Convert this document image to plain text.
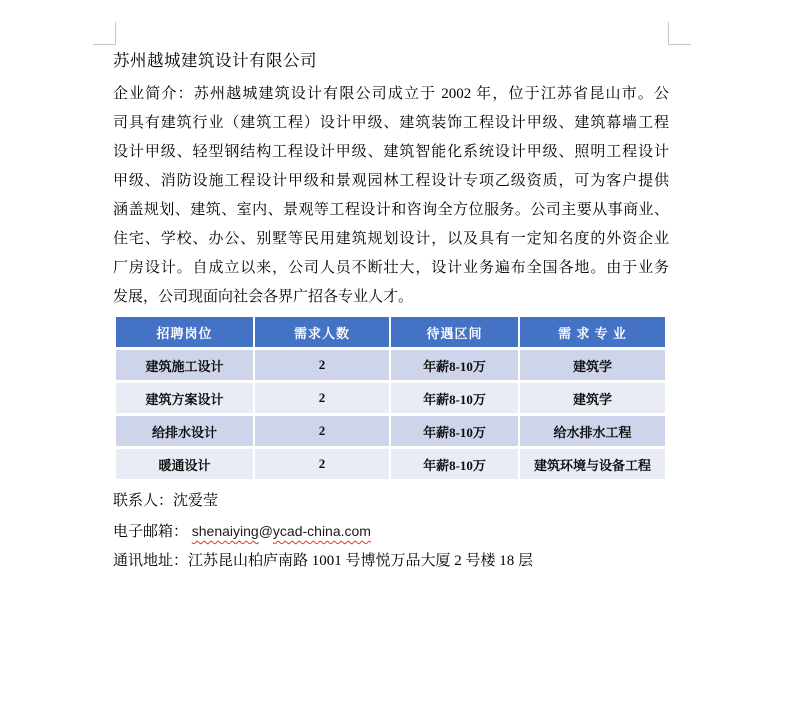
苏州越城建筑设计有限公司
企业简介：苏州越城建筑设计有限公司成立于 2002 年，位于江苏省昆山市。公
司具有建筑行业（建筑工程）设计甲级、建筑装饰工程设计甲级、建筑幕墙工程
设计甲级、轻型钢结构工程设计甲级、建筑智能化系统设计甲级、照明工程设计
甲级、消防设施工程设计甲级和景观园林工程设计专项乙级资质，可为客户提供
涵盖规划、建筑、室内、景观等工程设计和咨询全方位服务。公司主要从事商业、
住宅、学校、办公、别墅等民用建筑规划设计，以及具有一定知名度的外资企业
厂房设计。自成立以来，公司人员不断壮大，设计业务遍布全国各地。由于业务
发展，公司现面向社会各界广招各专业人才。
招聘岗位	需求人数	待遇区间	需 求 专 业
建筑施工设计	2	年薪8-10万	建筑学
建筑方案设计	2	年薪8-10万	建筑学
给排水设计	2	年薪8-10万	给水排水工程
暖通设计	2	年薪8-10万	建筑环境与设备工程
联系人：沈爱莹
电子邮箱： shenaiying@ycad-china.com
通讯地址：江苏昆山柏庐南路 1001 号博悦万品大厦 2 号楼 18 层
